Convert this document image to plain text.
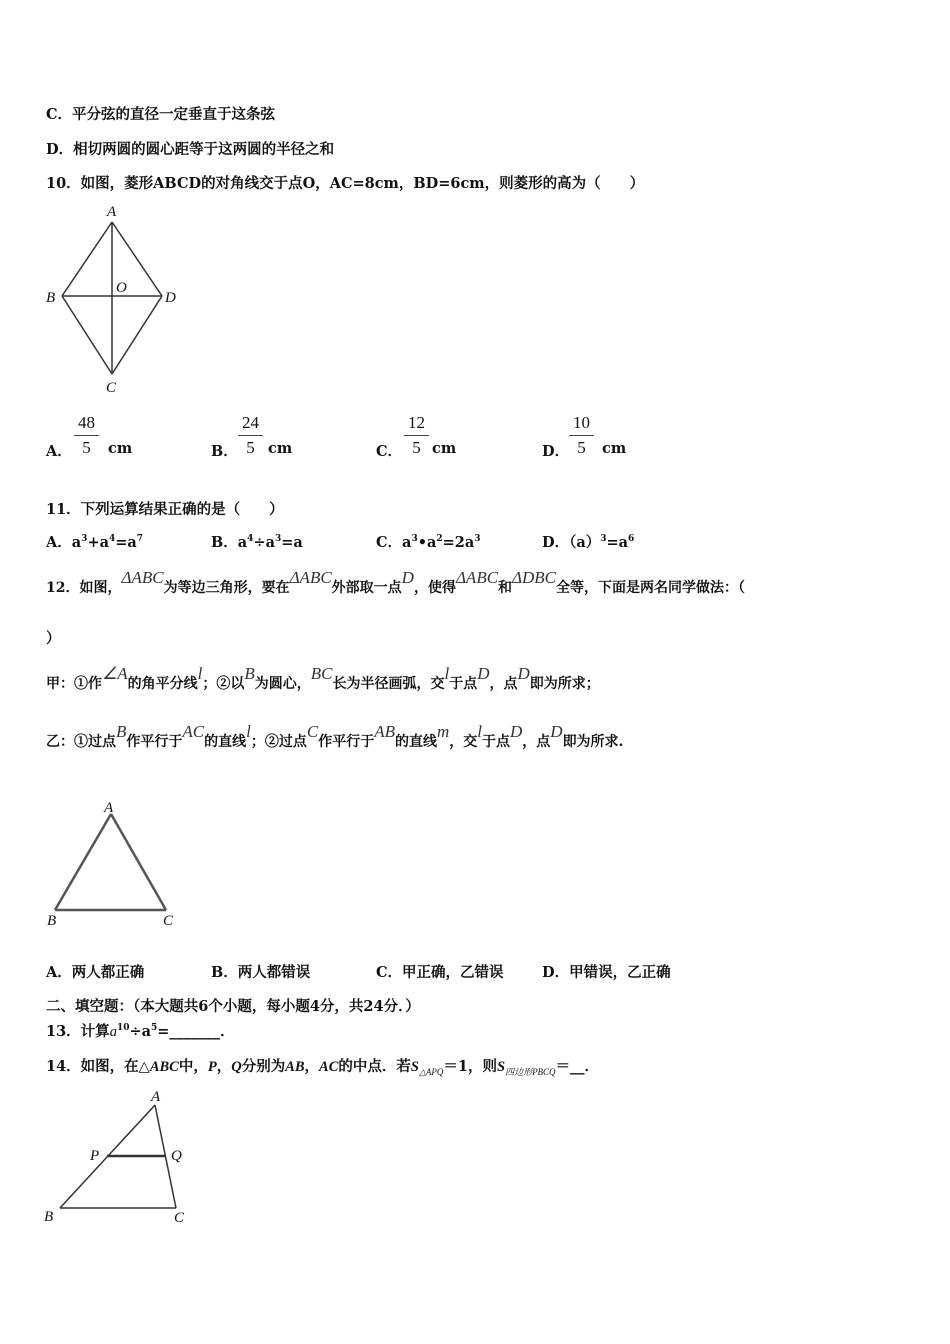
C．平分弦的直径一定垂直于这条弦
D．相切两圆的圆心距等于这两圆的半径之和
10．如图，菱形ABCD的对角线交于点O，AC=8cm，BD=6cm，则菱形的高为（　　）
A
B	D
O
C
A． $\frac{48}{5}$ cm	B． $\frac{24}{5}$ cm	C． $\frac{12}{5}$ cm	D． $\frac{10}{5}$ cm
11．下列运算结果正确的是（　　）
A．$a^3+a^4=a^7$	B．$a^4\div a^3=a$	C．$a^3•a^2=2a^3$	D．$(a)^3=a^6$
12．如图，ΔABC为等边三角形，要在ΔABC外部取一点D，使得ΔABC和ΔDBC全等，下面是两名同学做法：（
）
甲：①作∠A的角平分线l；②以B为圆心，BC长为半径画弧，交l于点D，点D即为所求；
乙：①过点B作平行于AC的直线l；②过点C作平行于AB的直线m，交l于点D，点D即为所求.
A
B	C
A．两人都正确	B．两人都错误	C．甲正确，乙错误	D．甲错误，乙正确
二、填空题：（本大题共6个小题，每小题4分，共24分．）
13．计算$a^{10}\div a^5=\_\_\_\_\_\_\_$．
14．如图，在△ABC中，P，Q分别为AB，AC的中点．若$S_{\triangle APQ}=1$，则$S_{四边形PBCQ}=\_\_$．
A
P	Q
B	C
